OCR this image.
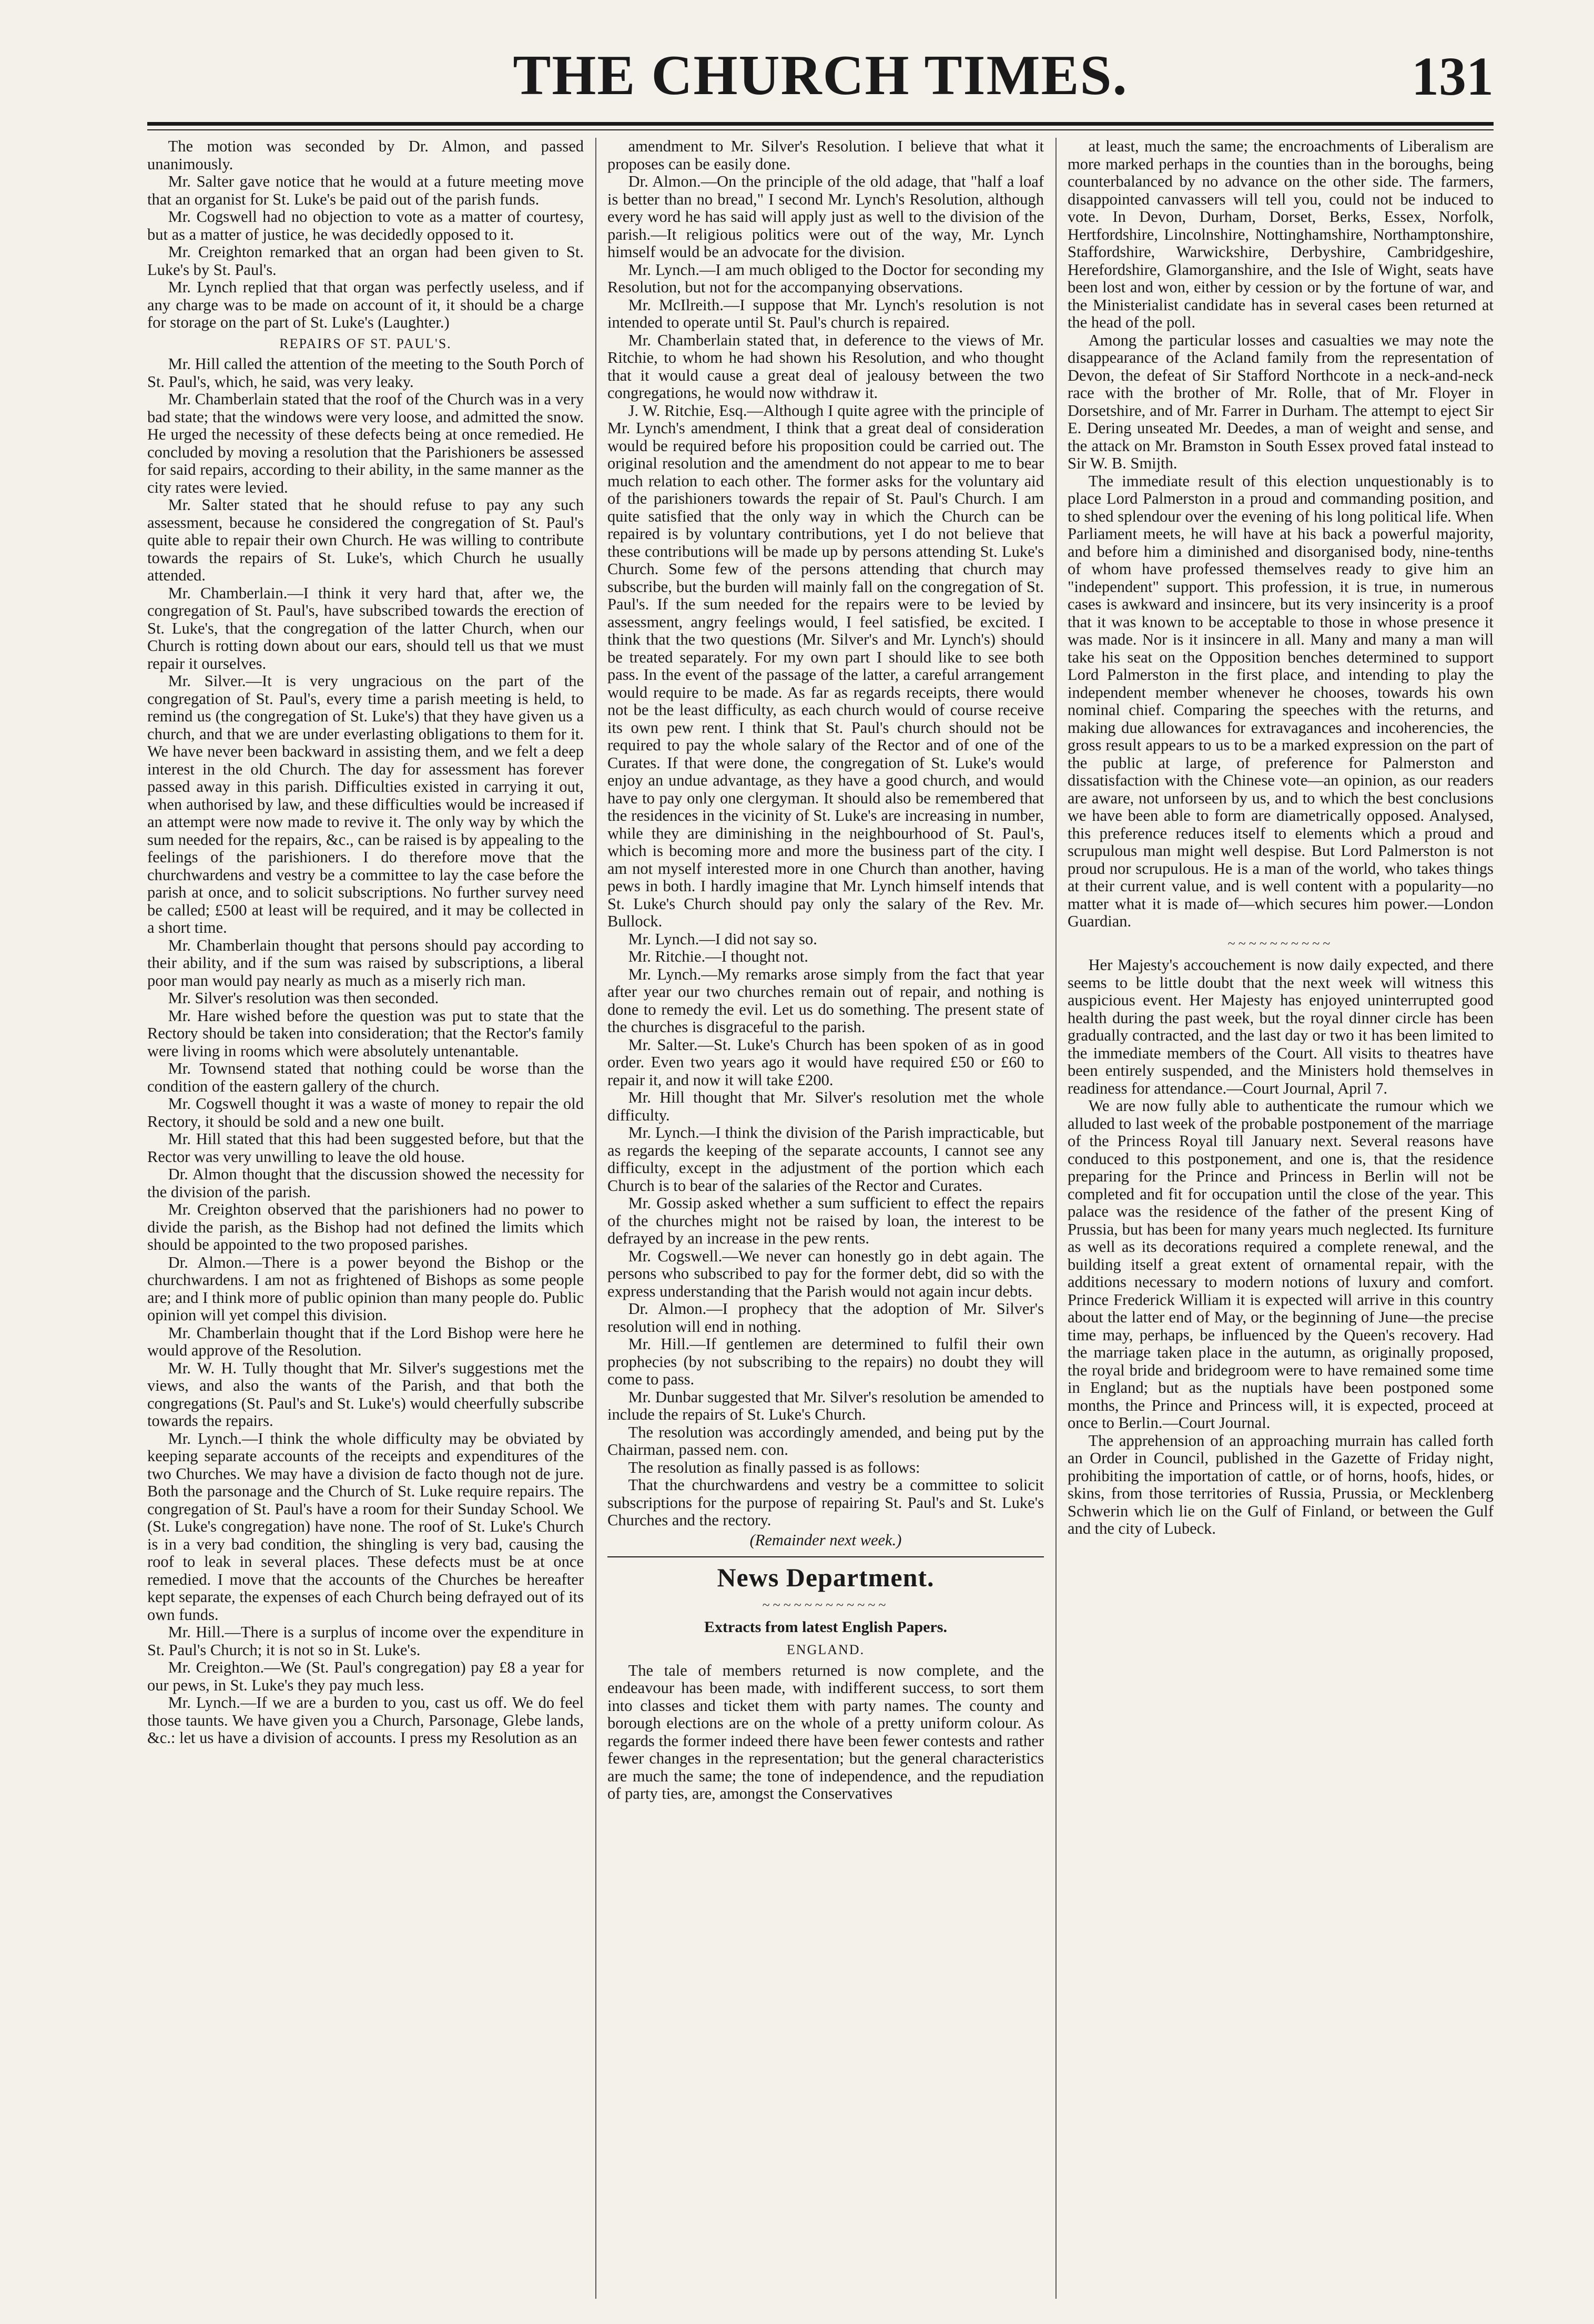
THE CHURCH TIMES.	131

The motion was seconded by Dr. Almon, and passed unanimously.

Mr. Salter gave notice that he would at a future meeting move that an organist for St. Luke's be paid out of the parish funds.

Mr. Cogswell had no objection to vote as a matter of courtesy, but as a matter of justice, he was decidedly opposed to it.

Mr. Creighton remarked that an organ had been given to St. Luke's by St. Paul's.

Mr. Lynch replied that that organ was perfectly useless, and if any charge was to be made on account of it, it should be a charge for storage on the part of St. Luke's (Laughter.)

REPAIRS OF ST. PAUL'S.

Mr. Hill called the attention of the meeting to the South Porch of St. Paul's, which, he said, was very leaky.

Mr. Chamberlain stated that the roof of the Church was in a very bad state; that the windows were very loose, and admitted the snow. He urged the necessity of these defects being at once remedied. He concluded by moving a resolution that the Parishioners be assessed for said repairs, according to their ability, in the same manner as the city rates were levied.

Mr. Salter stated that he should refuse to pay any such assessment, because he considered the congregation of St. Paul's quite able to repair their own Church. He was willing to contribute towards the repairs of St. Luke's, which Church he usually attended.

Mr. Chamberlain.—I think it very hard that, after we, the congregation of St. Paul's, have subscribed towards the erection of St. Luke's, that the congregation of the latter Church, when our Church is rotting down about our ears, should tell us that we must repair it ourselves.

Mr. Silver.—It is very ungracious on the part of the congregation of St. Paul's, every time a parish meeting is held, to remind us (the congregation of St. Luke's) that they have given us a church, and that we are under everlasting obligations to them for it. We have never been backward in assisting them, and we felt a deep interest in the old Church. The day for assessment has forever passed away in this parish. Difficulties existed in carrying it out, when authorised by law, and these difficulties would be increased if an attempt were now made to revive it. The only way by which the sum needed for the repairs, &c., can be raised is by appealing to the feelings of the parishioners. I do therefore move that the churchwardens and vestry be a committee to lay the case before the parish at once, and to solicit subscriptions. No further survey need be called; £500 at least will be required, and it may be collected in a short time.

Mr. Chamberlain thought that persons should pay according to their ability, and if the sum was raised by subscriptions, a liberal poor man would pay nearly as much as a miserly rich man.

Mr. Silver's resolution was then seconded.

Mr. Hare wished before the question was put to state that the Rectory should be taken into consideration; that the Rector's family were living in rooms which were absolutely untenantable.

Mr. Townsend stated that nothing could be worse than the condition of the eastern gallery of the church.

Mr. Cogswell thought it was a waste of money to repair the old Rectory, it should be sold and a new one built.

Mr. Hill stated that this had been suggested before, but that the Rector was very unwilling to leave the old house.

Dr. Almon thought that the discussion showed the necessity for the division of the parish.

Mr. Creighton observed that the parishioners had no power to divide the parish, as the Bishop had not defined the limits which should be appointed to the two proposed parishes.

Dr. Almon.—There is a power beyond the Bishop or the churchwardens. I am not as frightened of Bishops as some people are; and I think more of public opinion than many people do. Public opinion will yet compel this division.

Mr. Chamberlain thought that if the Lord Bishop were here he would approve of the Resolution.

Mr. W. H. Tully thought that Mr. Silver's suggestions met the views, and also the wants of the Parish, and that both the congregations (St. Paul's and St. Luke's) would cheerfully subscribe towards the repairs.

Mr. Lynch.—I think the whole difficulty may be obviated by keeping separate accounts of the receipts and expenditures of the two Churches. We may have a division de facto though not de jure. Both the parsonage and the Church of St. Luke require repairs. The congregation of St. Paul's have a room for their Sunday School. We (St. Luke's congregation) have none. The roof of St. Luke's Church is in a very bad condition, the shingling is very bad, causing the roof to leak in several places. These defects must be at once remedied. I move that the accounts of the Churches be hereafter kept separate, the expenses of each Church being defrayed out of its own funds.

Mr. Hill.—There is a surplus of income over the expenditure in St. Paul's Church; it is not so in St. Luke's.

Mr. Creighton.—We (St. Paul's congregation) pay £8 a year for our pews, in St. Luke's they pay much less.

Mr. Lynch.—If we are a burden to you, cast us off. We do feel those taunts. We have given you a Church, Parsonage, Glebe lands, &c.: let us have a division of accounts. I press my Resolution as an

amendment to Mr. Silver's Resolution. I believe that what it proposes can be easily done.

Dr. Almon.—On the principle of the old adage, that "half a loaf is better than no bread," I second Mr. Lynch's Resolution, although every word he has said will apply just as well to the division of the parish.—It religious politics were out of the way, Mr. Lynch himself would be an advocate for the division.

Mr. Lynch.—I am much obliged to the Doctor for seconding my Resolution, but not for the accompanying observations.

Mr. McIlreith.—I suppose that Mr. Lynch's resolution is not intended to operate until St. Paul's church is repaired.

Mr. Chamberlain stated that, in deference to the views of Mr. Ritchie, to whom he had shown his Resolution, and who thought that it would cause a great deal of jealousy between the two congregations, he would now withdraw it.

J. W. Ritchie, Esq.—Although I quite agree with the principle of Mr. Lynch's amendment, I think that a great deal of consideration would be required before his proposition could be carried out. The original resolution and the amendment do not appear to me to bear much relation to each other. The former asks for the voluntary aid of the parishioners towards the repair of St. Paul's Church. I am quite satisfied that the only way in which the Church can be repaired is by voluntary contributions, yet I do not believe that these contributions will be made up by persons attending St. Luke's Church. Some few of the persons attending that church may subscribe, but the burden will mainly fall on the congregation of St. Paul's. If the sum needed for the repairs were to be levied by assessment, angry feelings would, I feel satisfied, be excited. I think that the two questions (Mr. Silver's and Mr. Lynch's) should be treated separately. For my own part I should like to see both pass. In the event of the passage of the latter, a careful arrangement would require to be made. As far as regards receipts, there would not be the least difficulty, as each church would of course receive its own pew rent. I think that St. Paul's church should not be required to pay the whole salary of the Rector and of one of the Curates. If that were done, the congregation of St. Luke's would enjoy an undue advantage, as they have a good church, and would have to pay only one clergyman. It should also be remembered that the residences in the vicinity of St. Luke's are increasing in number, while they are diminishing in the neighbourhood of St. Paul's, which is becoming more and more the business part of the city. I am not myself interested more in one Church than another, having pews in both. I hardly imagine that Mr. Lynch himself intends that St. Luke's Church should pay only the salary of the Rev. Mr. Bullock.

Mr. Lynch.—I did not say so.

Mr. Ritchie.—I thought not.

Mr. Lynch.—My remarks arose simply from the fact that year after year our two churches remain out of repair, and nothing is done to remedy the evil. Let us do something. The present state of the churches is disgraceful to the parish.

Mr. Salter.—St. Luke's Church has been spoken of as in good order. Even two years ago it would have required £50 or £60 to repair it, and now it will take £200.

Mr. Hill thought that Mr. Silver's resolution met the whole difficulty.

Mr. Lynch.—I think the division of the Parish impracticable, but as regards the keeping of the separate accounts, I cannot see any difficulty, except in the adjustment of the portion which each Church is to bear of the salaries of the Rector and Curates.

Mr. Gossip asked whether a sum sufficient to effect the repairs of the churches might not be raised by loan, the interest to be defrayed by an increase in the pew rents.

Mr. Cogswell.—We never can honestly go in debt again. The persons who subscribed to pay for the former debt, did so with the express understanding that the Parish would not again incur debts.

Dr. Almon.—I prophecy that the adoption of Mr. Silver's resolution will end in nothing.

Mr. Hill.—If gentlemen are determined to fulfil their own prophecies (by not subscribing to the repairs) no doubt they will come to pass.

Mr. Dunbar suggested that Mr. Silver's resolution be amended to include the repairs of St. Luke's Church.

The resolution was accordingly amended, and being put by the Chairman, passed nem. con.

The resolution as finally passed is as follows:

That the churchwardens and vestry be a committee to solicit subscriptions for the purpose of repairing St. Paul's and St. Luke's Churches and the rectory.

(Remainder next week.)

News Department.

~~~~~~~~~~~~

Extracts from latest English Papers.

ENGLAND.

The tale of members returned is now complete, and the endeavour has been made, with indifferent success, to sort them into classes and ticket them with party names. The county and borough elections are on the whole of a pretty uniform colour. As regards the former indeed there have been fewer contests and rather fewer changes in the representation; but the general characteristics are much the same; the tone of independence, and the repudiation of party ties, are, amongst the Conservatives

at least, much the same; the encroachments of Liberalism are more marked perhaps in the counties than in the boroughs, being counterbalanced by no advance on the other side. The farmers, disappointed canvassers will tell you, could not be induced to vote. In Devon, Durham, Dorset, Berks, Essex, Norfolk, Hertfordshire, Lincolnshire, Nottinghamshire, Northamptonshire, Staffordshire, Warwickshire, Derbyshire, Cambridgeshire, Herefordshire, Glamorganshire, and the Isle of Wight, seats have been lost and won, either by cession or by the fortune of war, and the Ministerialist candidate has in several cases been returned at the head of the poll.

Among the particular losses and casualties we may note the disappearance of the Acland family from the representation of Devon, the defeat of Sir Stafford Northcote in a neck-and-neck race with the brother of Mr. Rolle, that of Mr. Floyer in Dorsetshire, and of Mr. Farrer in Durham. The attempt to eject Sir E. Dering unseated Mr. Deedes, a man of weight and sense, and the attack on Mr. Bramston in South Essex proved fatal instead to Sir W. B. Smijth.

The immediate result of this election unquestionably is to place Lord Palmerston in a proud and commanding position, and to shed splendour over the evening of his long political life. When Parliament meets, he will have at his back a powerful majority, and before him a diminished and disorganised body, nine-tenths of whom have professed themselves ready to give him an "independent" support. This profession, it is true, in numerous cases is awkward and insincere, but its very insincerity is a proof that it was known to be acceptable to those in whose presence it was made. Nor is it insincere in all. Many and many a man will take his seat on the Opposition benches determined to support Lord Palmerston in the first place, and intending to play the independent member whenever he chooses, towards his own nominal chief. Comparing the speeches with the returns, and making due allowances for extravagances and incoherencies, the gross result appears to us to be a marked expression on the part of the public at large, of preference for Palmerston and dissatisfaction with the Chinese vote—an opinion, as our readers are aware, not unforseen by us, and to which the best conclusions we have been able to form are diametrically opposed. Analysed, this preference reduces itself to elements which a proud and scrupulous man might well despise. But Lord Palmerston is not proud nor scrupulous. He is a man of the world, who takes things at their current value, and is well content with a popularity—no matter what it is made of—which secures him power.—London Guardian.

~~~~~~~~~~

Her Majesty's accouchement is now daily expected, and there seems to be little doubt that the next week will witness this auspicious event. Her Majesty has enjoyed uninterrupted good health during the past week, but the royal dinner circle has been gradually contracted, and the last day or two it has been limited to the immediate members of the Court. All visits to theatres have been entirely suspended, and the Ministers hold themselves in readiness for attendance.—Court Journal, April 7.

We are now fully able to authenticate the rumour which we alluded to last week of the probable postponement of the marriage of the Princess Royal till January next. Several reasons have conduced to this postponement, and one is, that the residence preparing for the Prince and Princess in Berlin will not be completed and fit for occupation until the close of the year. This palace was the residence of the father of the present King of Prussia, but has been for many years much neglected. Its furniture as well as its decorations required a complete renewal, and the building itself a great extent of ornamental repair, with the additions necessary to modern notions of luxury and comfort. Prince Frederick William it is expected will arrive in this country about the latter end of May, or the beginning of June—the precise time may, perhaps, be influenced by the Queen's recovery. Had the marriage taken place in the autumn, as originally proposed, the royal bride and bridegroom were to have remained some time in England; but as the nuptials have been postponed some months, the Prince and Princess will, it is expected, proceed at once to Berlin.—Court Journal.

The apprehension of an approaching murrain has called forth an Order in Council, published in the Gazette of Friday night, prohibiting the importation of cattle, or of horns, hoofs, hides, or skins, from those territories of Russia, Prussia, or Mecklenberg Schwerin which lie on the Gulf of Finland, or between the Gulf and the city of Lubeck.
